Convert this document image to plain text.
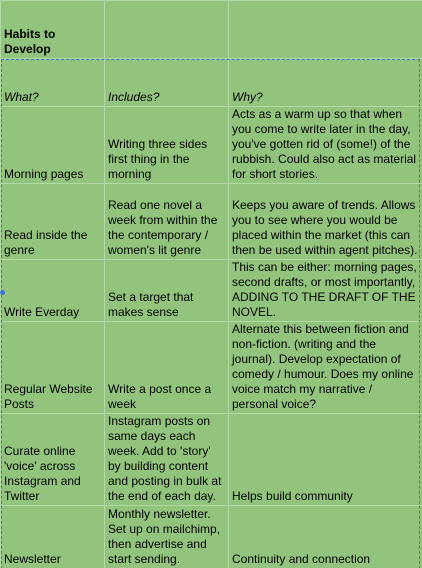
Habits to Develop		
What?	Includes?	Why?
Morning pages	Writing three sides first thing in the morning	Acts as a warm up so that when you come to write later in the day, you've gotten rid of (some!) of the rubbish. Could also act as material for short stories.
Read inside the genre	Read one novel a week from within the the contemporary / women's lit genre	Keeps you aware of trends. Allows you to see where you would be placed within the market (this can then be used within agent pitches).
Write Everday	Set a target that makes sense	This can be either: morning pages, second drafts, or most importantly, ADDING TO THE DRAFT OF THE NOVEL.
Regular Website Posts	Write a post once a week	Alternate this between fiction and non-fiction. (writing and the journal). Develop expectation of comedy / humour. Does my online voice match my narrative / personal voice?
Curate online 'voice' across Instagram and Twitter	Instagram posts on same days each week. Add to 'story' by building content and posting in bulk at the end of each day.	Helps build community
Newsletter	Monthly newsletter. Set up on mailchimp, then advertise and start sending.	Continuity and connection
